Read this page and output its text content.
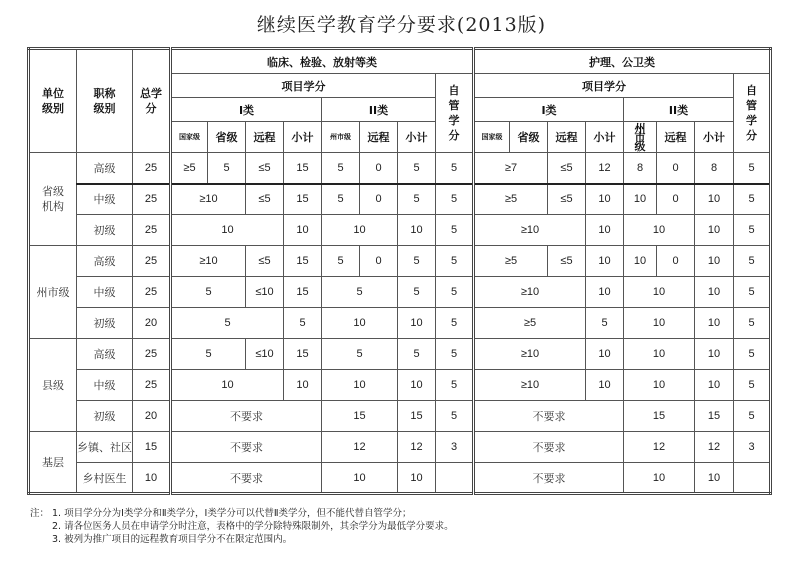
继续医学教育学分要求(2013版)
单位级别	职称级别	总学分	临床、检验、放射等类								护理、公卫类							
			项目学分							自管学分	项目学分							自管学分
			I类				II类				I类				II类			
			国家级	省级	远程	小计	州市级	远程	小计		国家级	省级	远程	小计	州市级	远程	小计	
省级机构	高级	25	≥5	5	≤5	15	5	0	5	5	≥7		≤5	12	8	0	8	5
	中级	25	≥10		≤5	15	5	0	5	5	≥5		≤5	10	10	0	10	5
	初级	25	10			10	10		10	5	≥10			10	10		10	5
州市级	高级	25	≥10		≤5	15	5	0	5	5	≥5		≤5	10	10	0	10	5
	中级	25	5		≤10	15	5		5	5	≥10			10	10		10	5
	初级	20	5			5	10		10	5	≥5			5	10		10	5
县级	高级	25	5		≤10	15	5		5	5	≥10			10	10		10	5
	中级	25	10			10	10		10	5	≥10			10	10		10	5
	初级	20	不要求				15		15	5	不要求				15		15	5
基层	乡镇、社区	15	不要求				12		12	3	不要求				12		12	3
	乡村医生	10	不要求				10		10		不要求				10		10	
注： 1. 项目学分分为Ⅰ类学分和Ⅱ类学分，Ⅰ类学分可以代替Ⅱ类学分，但不能代替自管学分；
2. 请各位医务人员在申请学分时注意，表格中的学分除特殊限制外，其余学分为最低学分要求。
3. 被列为推广项目的远程教育项目学分不在限定范围内。
